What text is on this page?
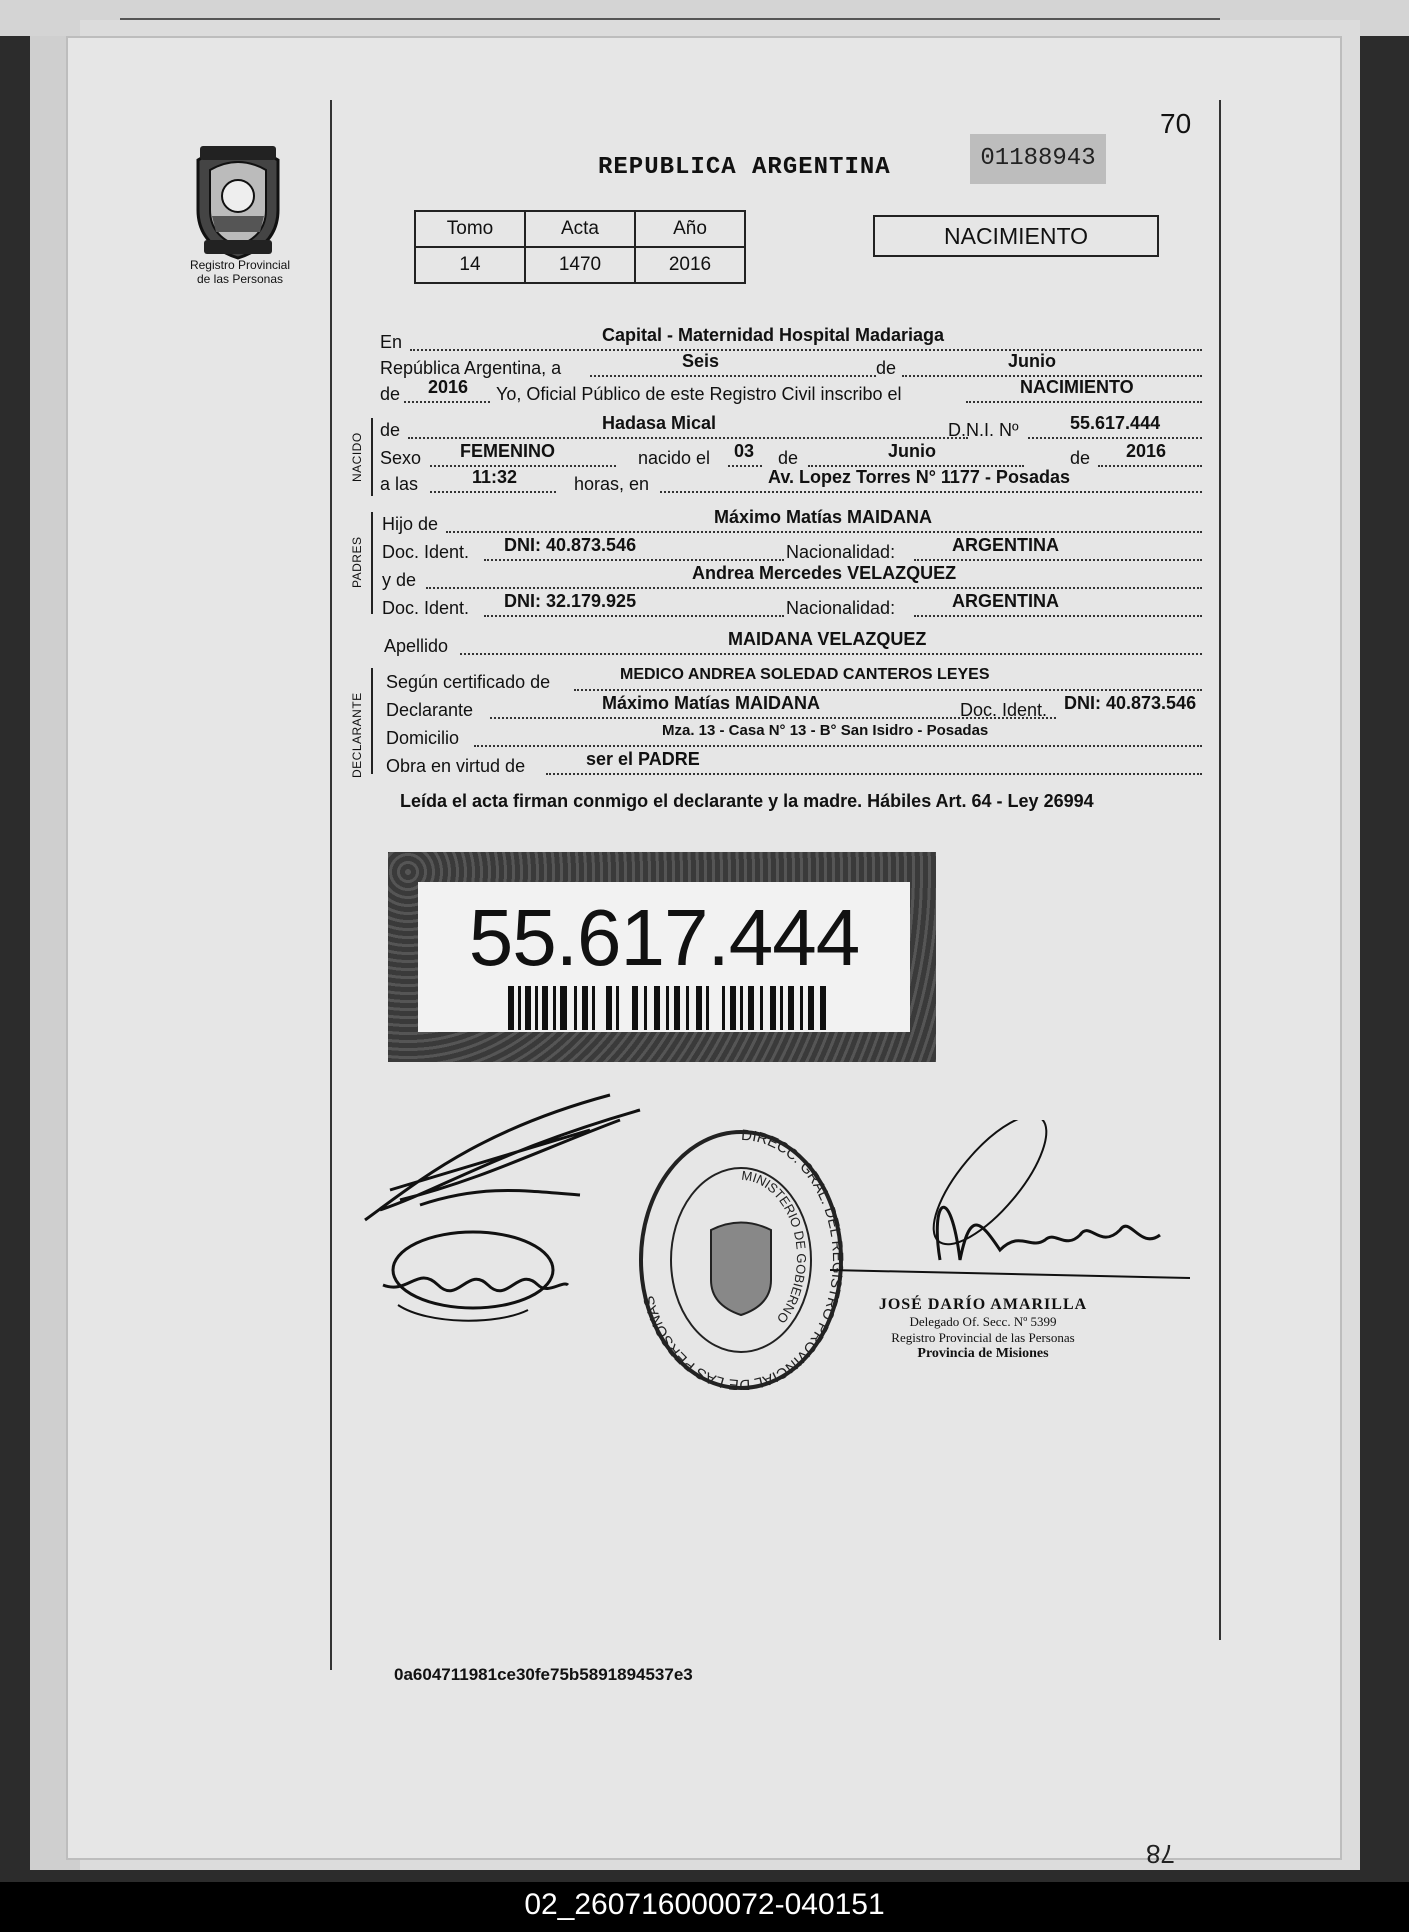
70
Registro Provincial
de las Personas
REPUBLICA ARGENTINA	01188943
Tomo	Acta	Año
14	1470	2016
NACIMIENTO
En	Capital - Maternidad Hospital Madariaga
República Argentina, a	Seis	de	Junio
de 2016 Yo, Oficial Público de este Registro Civil inscribo el	NACIMIENTO
NACIDO
de	Hadasa Mical	D.N.I. Nº	55.617.444
Sexo FEMENINO	nacido el 03 de	Junio	de 2016
a las	11:32	horas, en	Av. Lopez Torres N° 1177 - Posadas
PADRES
Hijo de	Máximo Matías MAIDANA
Doc. Ident. DNI: 40.873.546	Nacionalidad:	ARGENTINA
y de	Andrea Mercedes VELAZQUEZ
Doc. Ident. DNI: 32.179.925	Nacionalidad:	ARGENTINA
Apellido	MAIDANA VELAZQUEZ
DECLARANTE
Según certificado de	MEDICO ANDREA SOLEDAD CANTEROS LEYES
Declarante	Máximo Matías MAIDANA	Doc. Ident. DNI: 40.873.546
Domicilio	Mza. 13 - Casa N° 13 - B° San Isidro - Posadas
Obra en virtud de	ser el PADRE
Leída el acta firman conmigo el declarante y la madre. Hábiles Art. 64 - Ley 26994
55.617.444
DIRECC. GRAL. DEL REGISTRO PROVINCIAL DE LAS PERSONAS
MINISTERIO DE GOBIERNO
JOSÉ DARÍO AMARILLA
Delegado Of. Secc. Nº 5399
Registro Provincial de las Personas
Provincia de Misiones
0a604711981ce30fe75b5891894537e3
78
02_260716000072-040151
